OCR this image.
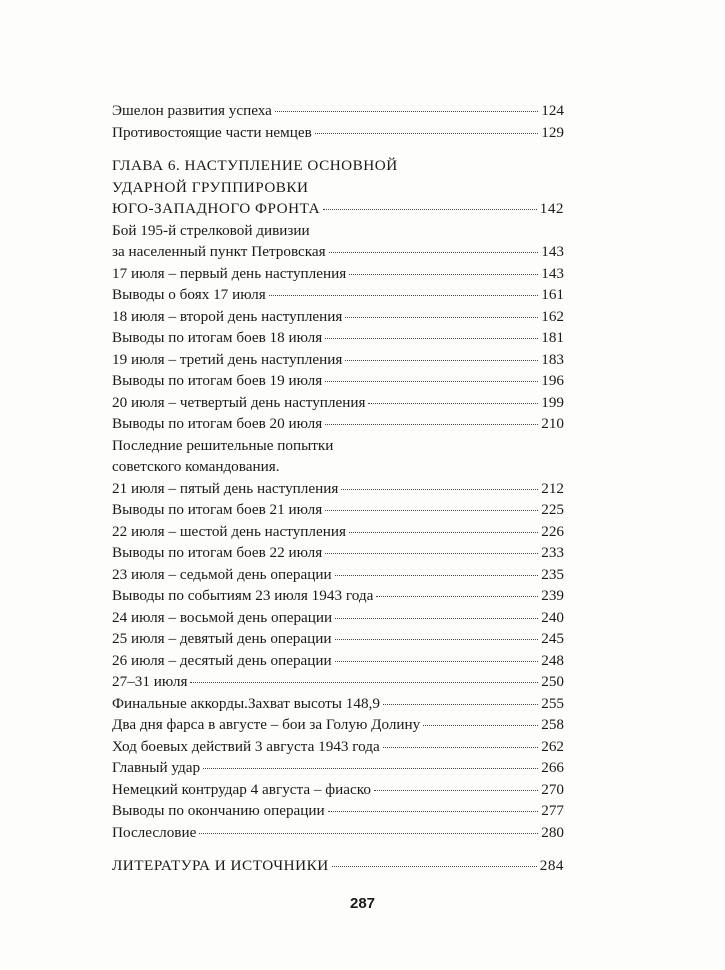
Эшелон развития успеха	124
Противостоящие части немцев	129
ГЛАВА 6. НАСТУПЛЕНИЕ ОСНОВНОЙ
УДАРНОЙ ГРУППИРОВКИ
ЮГО-ЗАПАДНОГО ФРОНТА	142
Бой 195-й стрелковой дивизии
за населенный пункт Петровская	143
17 июля – первый день наступления	143
Выводы о боях 17 июля	161
18 июля – второй день наступления	162
Выводы по итогам боев 18 июля	181
19 июля – третий день наступления	183
Выводы по итогам боев 19 июля	196
20 июля – четвертый день наступления	199
Выводы по итогам боев 20 июля	210
Последние решительные попытки
советского командования.
21 июля – пятый день наступления	212
Выводы по итогам боев 21 июля	225
22 июля – шестой день наступления	226
Выводы по итогам боев 22 июля	233
23 июля – седьмой день операции	235
Выводы по событиям 23 июля 1943 года	239
24 июля – восьмой день операции	240
25 июля – девятый день операции	245
26 июля – десятый день операции	248
27–31 июля	250
Финальные аккорды.Захват высоты 148,9	255
Два дня фарса в августе – бои за Голую Долину	258
Ход боевых действий 3 августа 1943 года	262
Главный удар	266
Немецкий контрудар 4 августа – фиаско	270
Выводы по окончанию операции	277
Послесловие	280
ЛИТЕРАТУРА И ИСТОЧНИКИ	284
287
